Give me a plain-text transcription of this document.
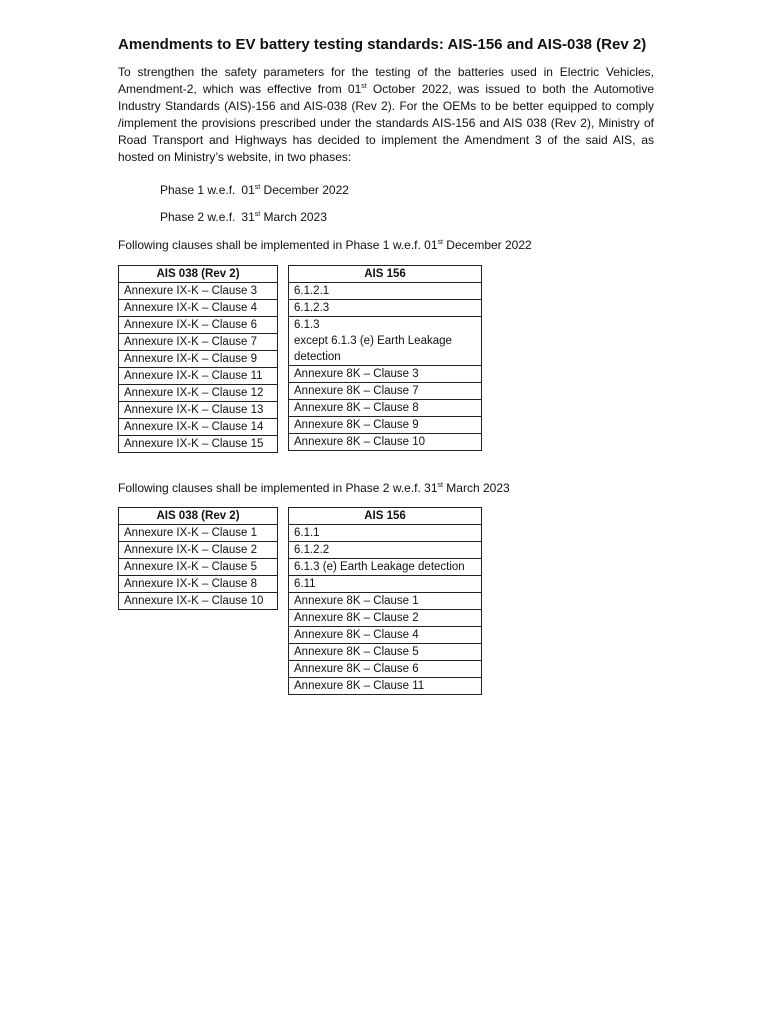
Amendments to EV battery testing standards: AIS-156 and AIS-038 (Rev 2)

To strengthen the safety parameters for the testing of the batteries used in Electric Vehicles, Amendment-2, which was effective from 01st October 2022, was issued to both the Automotive Industry Standards (AIS)-156 and AIS-038 (Rev 2). For the OEMs to be better equipped to comply /implement the provisions prescribed under the standards AIS-156 and AIS 038 (Rev 2), Ministry of Road Transport and Highways has decided to implement the Amendment 3 of the said AIS, as hosted on Ministry’s website, in two phases:

Phase 1 w.e.f. 01st December 2022

Phase 2 w.e.f. 31st March 2023

Following clauses shall be implemented in Phase 1 w.e.f. 01st December 2022

AIS 038 (Rev 2)
Annexure IX-K – Clause 3
Annexure IX-K – Clause 4
Annexure IX-K – Clause 6
Annexure IX-K – Clause 7
Annexure IX-K – Clause 9
Annexure IX-K – Clause 11
Annexure IX-K – Clause 12
Annexure IX-K – Clause 13
Annexure IX-K – Clause 14
Annexure IX-K – Clause 15
AIS 156
6.1.2.1
6.1.2.3

6.1.3
except 6.1.3 (e) Earth Leakage detection

Annexure 8K – Clause 3
Annexure 8K – Clause 7
Annexure 8K – Clause 8
Annexure 8K – Clause 9
Annexure 8K – Clause 10

Following clauses shall be implemented in Phase 2 w.e.f. 31st March 2023

AIS 038 (Rev 2)
Annexure IX-K – Clause 1
Annexure IX-K – Clause 2
Annexure IX-K – Clause 5
Annexure IX-K – Clause 8
Annexure IX-K – Clause 10
AIS 156
6.1.1
6.1.2.2
6.1.3 (e) Earth Leakage detection
6.11
Annexure 8K – Clause 1
Annexure 8K – Clause 2
Annexure 8K – Clause 4
Annexure 8K – Clause 5
Annexure 8K – Clause 6
Annexure 8K – Clause 11
